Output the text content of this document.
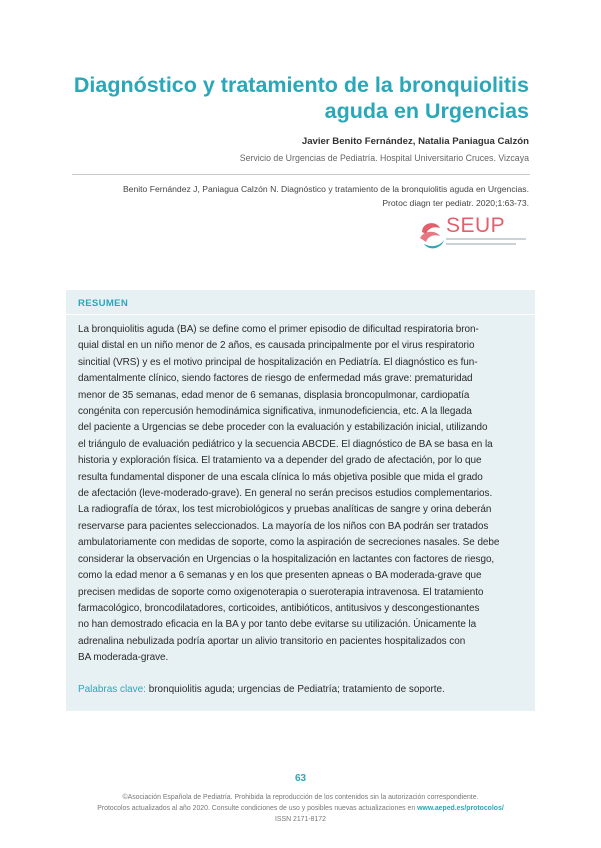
Diagnóstico y tratamiento de la bronquiolitis
aguda en Urgencias
Javier Benito Fernández, Natalia Paniagua Calzón
Servicio de Urgencias de Pediatría. Hospital Universitario Cruces. Vizcaya
Benito Fernández J, Paniagua Calzón N. Diagnóstico y tratamiento de la bronquiolitis aguda en Urgencias.
Protoc diagn ter pediatr. 2020;1:63-73.
SEUP
RESUMEN
La bronquiolitis aguda (BA) se define como el primer episodio de dificultad respiratoria bron-
quial distal en un niño menor de 2 años, es causada principalmente por el virus respiratorio
sincitial (VRS) y es el motivo principal de hospitalización en Pediatría. El diagnóstico es fun-
damentalmente clínico, siendo factores de riesgo de enfermedad más grave: prematuridad
menor de 35 semanas, edad menor de 6 semanas, displasia broncopulmonar, cardiopatía
congénita con repercusión hemodinámica significativa, inmunodeficiencia, etc. A la llegada
del paciente a Urgencias se debe proceder con la evaluación y estabilización inicial, utilizando
el triángulo de evaluación pediátrico y la secuencia ABCDE. El diagnóstico de BA se basa en la
historia y exploración física. El tratamiento va a depender del grado de afectación, por lo que
resulta fundamental disponer de una escala clínica lo más objetiva posible que mida el grado
de afectación (leve-moderado-grave). En general no serán precisos estudios complementarios.
La radiografía de tórax, los test microbiológicos y pruebas analíticas de sangre y orina deberán
reservarse para pacientes seleccionados. La mayoría de los niños con BA podrán ser tratados
ambulatoriamente con medidas de soporte, como la aspiración de secreciones nasales. Se debe
considerar la observación en Urgencias o la hospitalización en lactantes con factores de riesgo,
como la edad menor a 6 semanas y en los que presenten apneas o BA moderada-grave que
precisen medidas de soporte como oxigenoterapia o sueroterapia intravenosa. El tratamiento
farmacológico, broncodilatadores, corticoides, antibióticos, antitusivos y descongestionantes
no han demostrado eficacia en la BA y por tanto debe evitarse su utilización. Únicamente la
adrenalina nebulizada podría aportar un alivio transitorio en pacientes hospitalizados con
BA moderada-grave.
Palabras clave: bronquiolitis aguda; urgencias de Pediatría; tratamiento de soporte.
63
©Asociación Española de Pediatría. Prohibida la reproducción de los contenidos sin la autorización correspondiente.
Protocolos actualizados al año 2020. Consulte condiciones de uso y posibles nuevas actualizaciones en www.aeped.es/protocolos/
ISSN 2171-8172
